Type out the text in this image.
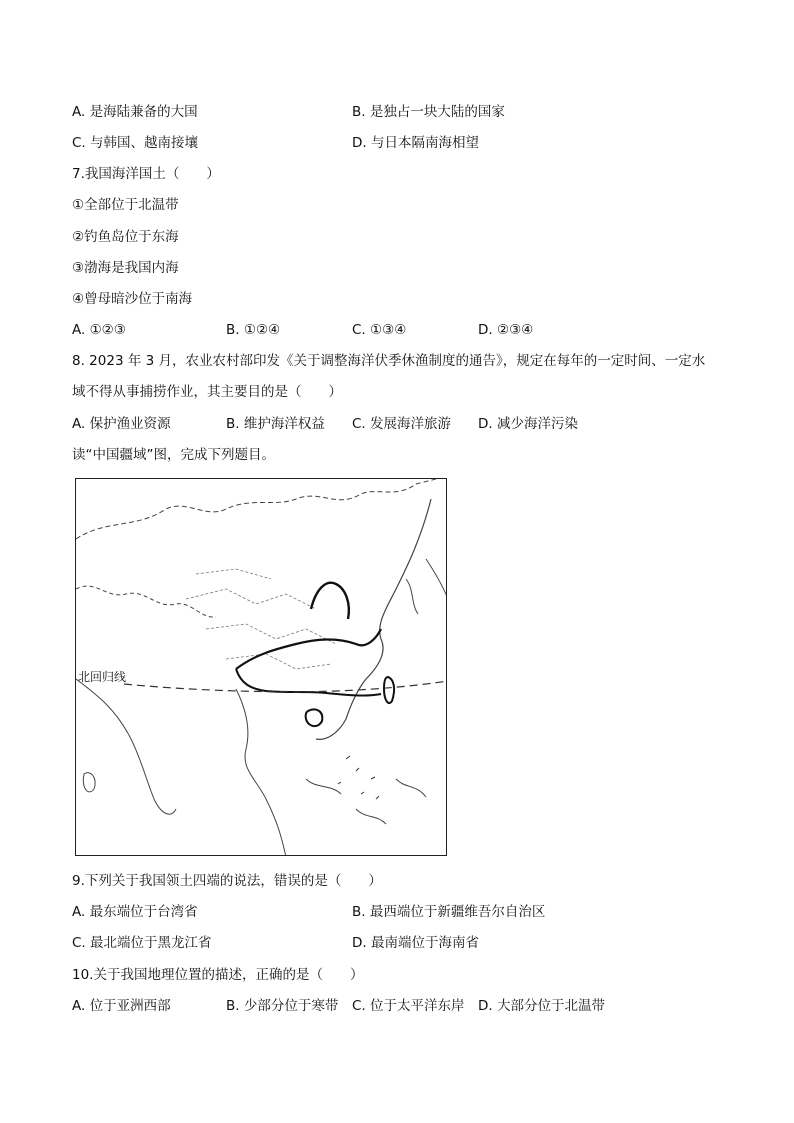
A. 是海陆兼备的大国	B. 是独占一块大陆的国家
C. 与韩国、越南接壤	D. 与日本隔南海相望
7.我国海洋国土（　　）
①全部位于北温带
②钓鱼岛位于东海
③渤海是我国内海
④曾母暗沙位于南海
A. ①②③	B. ①②④	C. ①③④	D. ②③④
8. 2023 年 3 月，农业农村部印发《关于调整海洋伏季休渔制度的通告》，规定在每年的一定时间、一定水
域不得从事捕捞作业，其主要目的是（　　）
A. 保护渔业资源	B. 维护海洋权益 C. 发展海洋旅游 D. 减少海洋污染
读“中国疆域”图，完成下列题目。
北回归线
9.下列关于我国领土四端的说法，错误的是（　　）
A. 最东端位于台湾省	B. 最西端位于新疆维吾尔自治区
C. 最北端位于黑龙江省	D. 最南端位于海南省
10.关于我国地理位置的描述，正确的是（　　）
A. 位于亚洲西部	B. 少部分位于寒带 C. 位于太平洋东岸 D. 大部分位于北温带
